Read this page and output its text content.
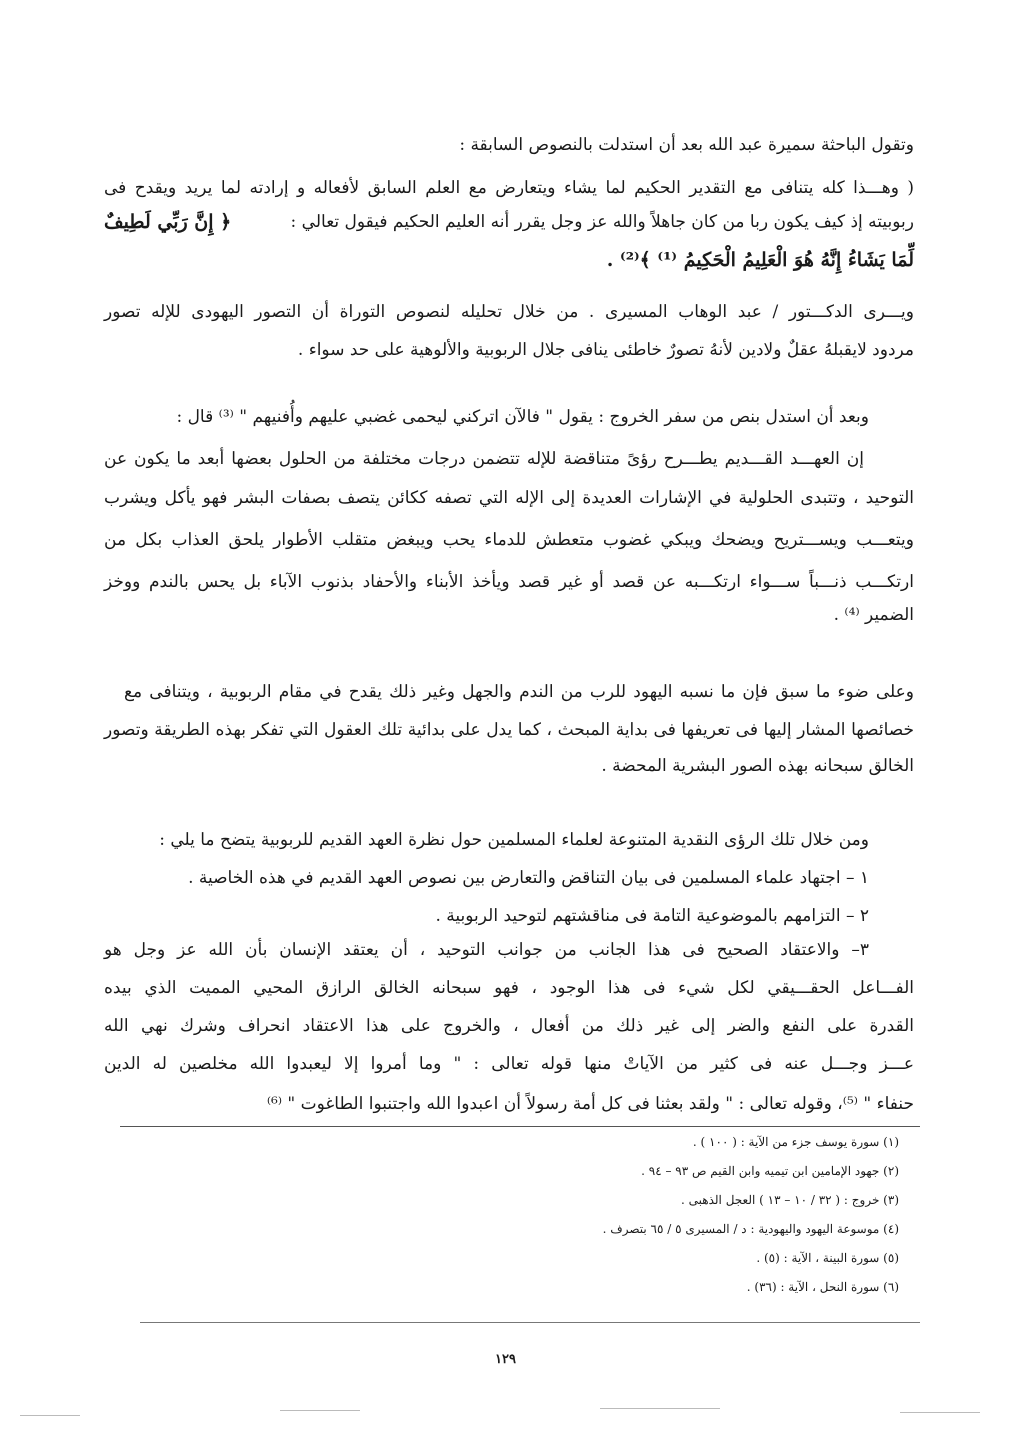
وتقول الباحثة سميرة عبد الله بعد أن استدلت بالنصوص السابقة :
( وهـــذا كله يتنافى مع التقدير الحكيم لما يشاء ويتعارض مع العلم السابق لأفعاله و إرادته لما يريد ويقدح فى
ربوبيته إذ كيف يكون ربا من كان جاهلاً والله عز وجل يقرر أنه العليم الحكيم فيقول تعالي :
﴿ إِنَّ رَبِّي لَطِيفٌ
لِّمَا يَشَاءُ إِنَّهُ هُوَ الْعَلِيمُ الْحَكِيمُ ⁽¹⁾ ﴾⁽²⁾ .
ويـــرى الدكـــتور / عبد الوهاب المسيرى . من خلال تحليله لنصوص التوراة أن التصور اليهودى للإله تصور
مردود لايقبلهُ عقلٌ ولادين لأنهُ تصورٌ خاطئى ينافى جلال الربوبية والألوهية على حد سواء .
وبعد أن استدل بنص من سفر الخروج : يقول " فالآن اتركني ليحمى غضبي عليهم وأُفنيهم " ⁽³⁾ قال :
إن العهـــد القـــديم يطـــرح رؤىً متناقضة للإله تتضمن درجات مختلفة من الحلول بعضها أبعد ما يكون عن
التوحيد ، وتتبدى الحلولية في الإشارات العديدة إلى الإله التي تصفه ككائن يتصف بصفات البشر فهو يأكل ويشرب
ويتعـــب ويســـتريح ويضحك ويبكي غضوب متعطش للدماء يحب ويبغض متقلب الأطوار يلحق العذاب بكل من
ارتكـــب ذنـــباً ســـواء ارتكـــبه عن قصد أو غير قصد ويأخذ الأبناء والأحفاد بذنوب الآباء بل يحس بالندم ووخز
الضمير ⁽⁴⁾ .
وعلى ضوء ما سبق فإن ما نسبه اليهود للرب من الندم والجهل وغير ذلك يقدح في مقام الربوبية ، ويتنافى مع
خصائصها المشار إليها فى تعريفها فى بداية المبحث ، كما يدل على بدائية تلك العقول التي تفكر بهذه الطريقة وتصور
الخالق سبحانه بهذه الصور البشرية المحضة .
ومن خلال تلك الرؤى النقدية المتنوعة لعلماء المسلمين حول نظرة العهد القديم للربوبية يتضح ما يلي :
١ – اجتهاد علماء المسلمين فى بيان التناقض والتعارض بين نصوص العهد القديم في هذه الخاصية .
٢ – التزامهم بالموضوعية التامة فى مناقشتهم لتوحيد الربوبية .
٣– والاعتقاد الصحيح فى هذا الجانب من جوانب التوحيد ، أن يعتقد الإنسان بأن الله عز وجل هو
الفـــاعل الحقـــيقي لكل شيء فى هذا الوجود ، فهو سبحانه الخالق الرازق المحيي المميت الذي بيده
القدرة على النفع والضر إلى غير ذلك من أفعال ، والخروج على هذا الاعتقاد انحراف وشرك نهي الله
عـــز وجـــل عنه فى كثير من الآياتْ منها قوله تعالى : " وما أمروا إلا ليعبدوا الله مخلصين له الدين
حنفاء " ⁽⁵⁾، وقوله تعالى : " ولقد بعثنا فى كل أمة رسولاً أن اعبدوا الله واجتنبوا الطاغوت " ⁽⁶⁾
(١) سورة يوسف جزء من الآية : ( ١٠٠ ) .
(٢) جهود الإمامين ابن تيميه وابن القيم ص ٩٣ – ٩٤ .
(٣) خروج : ( ٣٢ / ١٠ – ١٣ ) العجل الذهبى .
(٤) موسوعة اليهود واليهودية : د / المسيرى ٥ / ٦٥ بتصرف .
(٥) سورة البينة ، الآية : (٥) .
(٦) سورة النحل ، الآية : (٣٦) .
١٢٩
